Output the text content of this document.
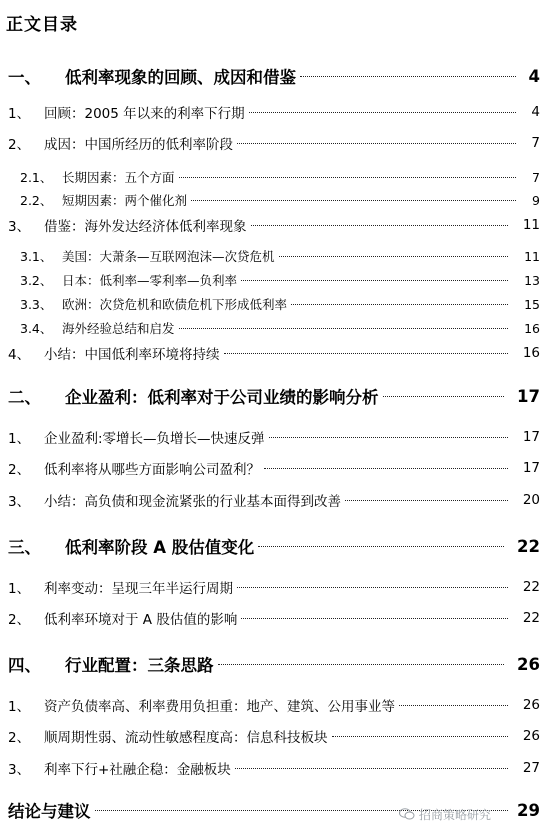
正文目录
一、 低利率现象的回顾、成因和借鉴	4
1、 回顾：2005 年以来的利率下行期	4
2、 成因：中国所经历的低利率阶段	7
2.1、 长期因素：五个方面	7
2.2、 短期因素：两个催化剂	9
3、 借鉴：海外发达经济体低利率现象	11
3.1、 美国：大萧条—互联网泡沫—次贷危机	11
3.2、 日本：低利率—零利率—负利率	13
3.3、 欧洲：次贷危机和欧债危机下形成低利率	15
3.4、 海外经验总结和启发	16
4、 小结：中国低利率环境将持续	16
二、 企业盈利：低利率对于公司业绩的影响分析	17
1、 企业盈利:零增长—负增长—快速反弹	17
2、 低利率将从哪些方面影响公司盈利？	17
3、 小结：高负债和现金流紧张的行业基本面得到改善	20
三、 低利率阶段 A 股估值变化	22
1、 利率变动：呈现三年半运行周期	22
2、 低利率环境对于 A 股估值的影响	22
四、 行业配置：三条思路	26
1、 资产负债率高、利率费用负担重：地产、建筑、公用事业等	26
2、 顺周期性弱、流动性敏感程度高：信息科技板块	26
3、 利率下行+社融企稳：金融板块	27
结论与建议	29
招商策略研究
